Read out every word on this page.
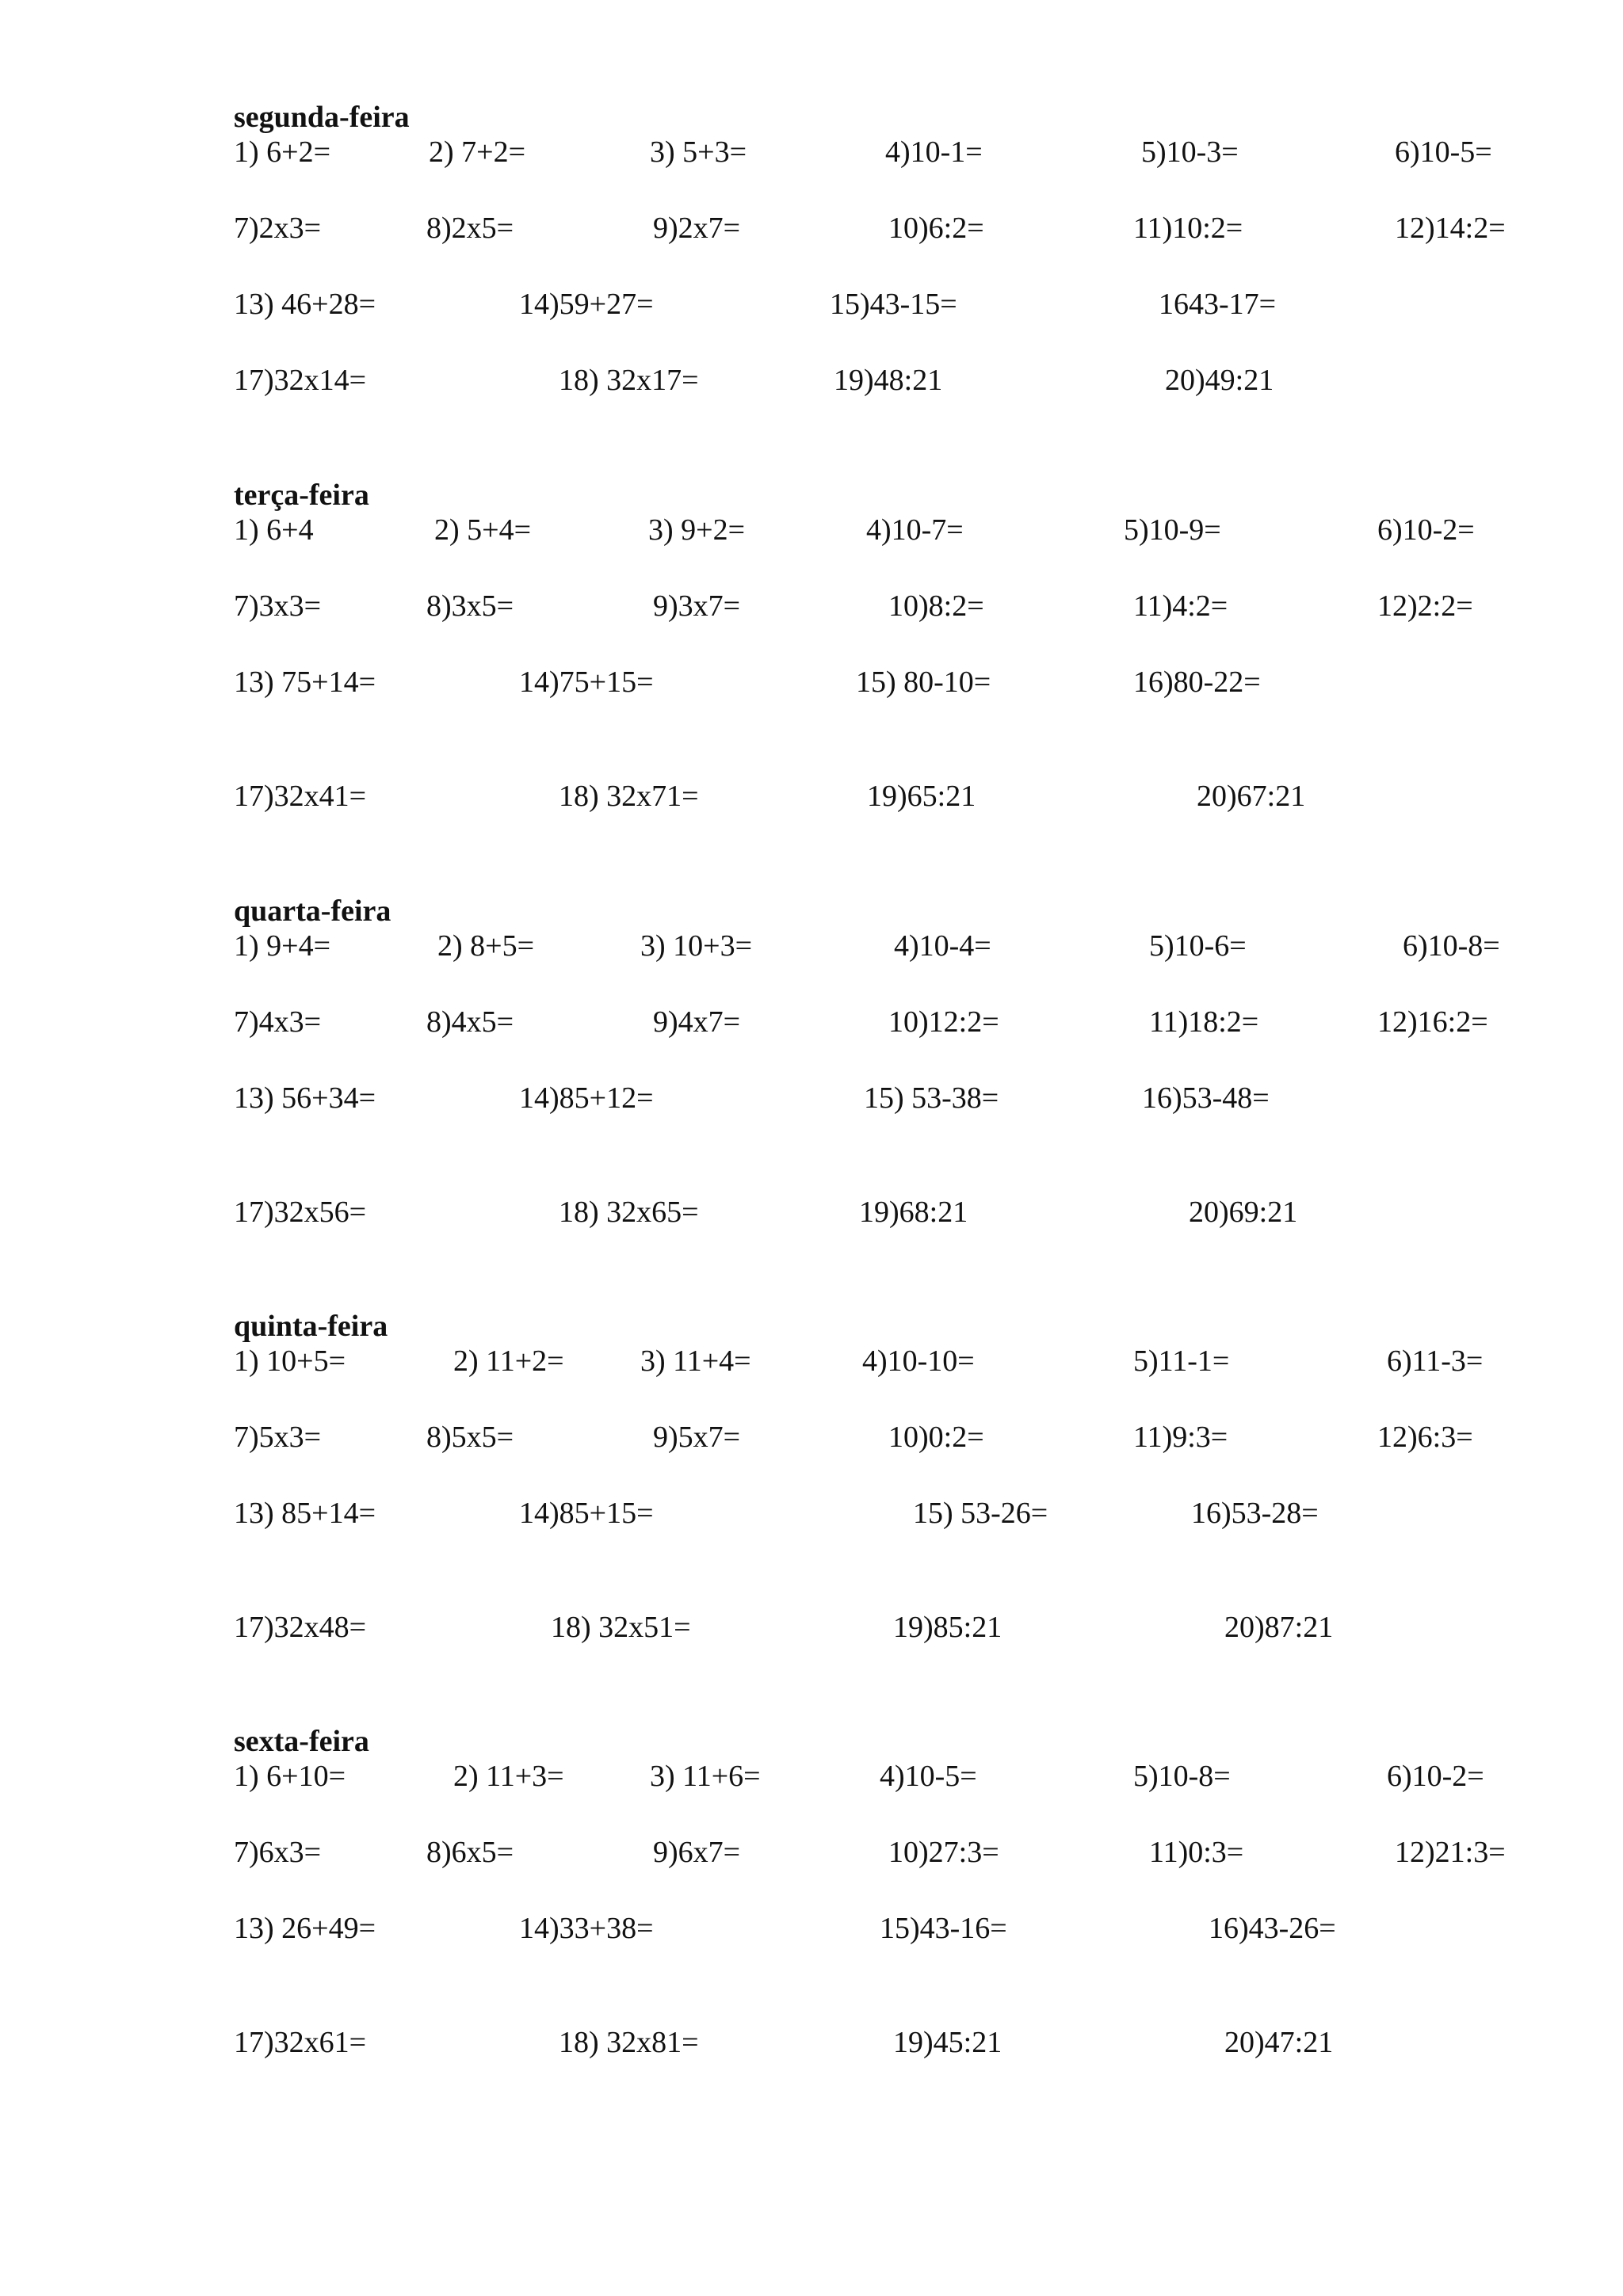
segunda-feira
1) 6+2=	2) 7+2=	3) 5+3=	4)10-1=	5)10-3=	6)10-5=
7)2x3=	8)2x5=	9)2x7=	10)6:2=	11)10:2=	12)14:2=
13) 46+28=	14)59+27=	15)43-15=	1643-17=
17)32x14=	18) 32x17=	19)48:21	20)49:21
terça-feira
1) 6+4	2) 5+4=	3) 9+2=	4)10-7=	5)10-9=	6)10-2=
7)3x3=	8)3x5=	9)3x7=	10)8:2=	11)4:2=	12)2:2=
13) 75+14=	14)75+15=	15) 80-10=	16)80-22=
17)32x41=	18) 32x71=	19)65:21	20)67:21
quarta-feira
1) 9+4=	2) 8+5=	3) 10+3=	4)10-4=	5)10-6=	6)10-8=
7)4x3=	8)4x5=	9)4x7=	10)12:2=	11)18:2=	12)16:2=
13) 56+34=	14)85+12=	15) 53-38=	16)53-48=
17)32x56=	18) 32x65=	19)68:21	20)69:21
quinta-feira
1) 10+5=	2) 11+2=	3) 11+4=	4)10-10=	5)11-1=	6)11-3=
7)5x3=	8)5x5=	9)5x7=	10)0:2=	11)9:3=	12)6:3=
13) 85+14=	14)85+15=	15) 53-26=	16)53-28=
17)32x48=	18) 32x51=	19)85:21	20)87:21
sexta-feira
1) 6+10=	2) 11+3=	3) 11+6=	4)10-5=	5)10-8=	6)10-2=
7)6x3=	8)6x5=	9)6x7=	10)27:3=	11)0:3=	12)21:3=
13) 26+49=	14)33+38=	15)43-16=	16)43-26=
17)32x61=	18) 32x81=	19)45:21	20)47:21
